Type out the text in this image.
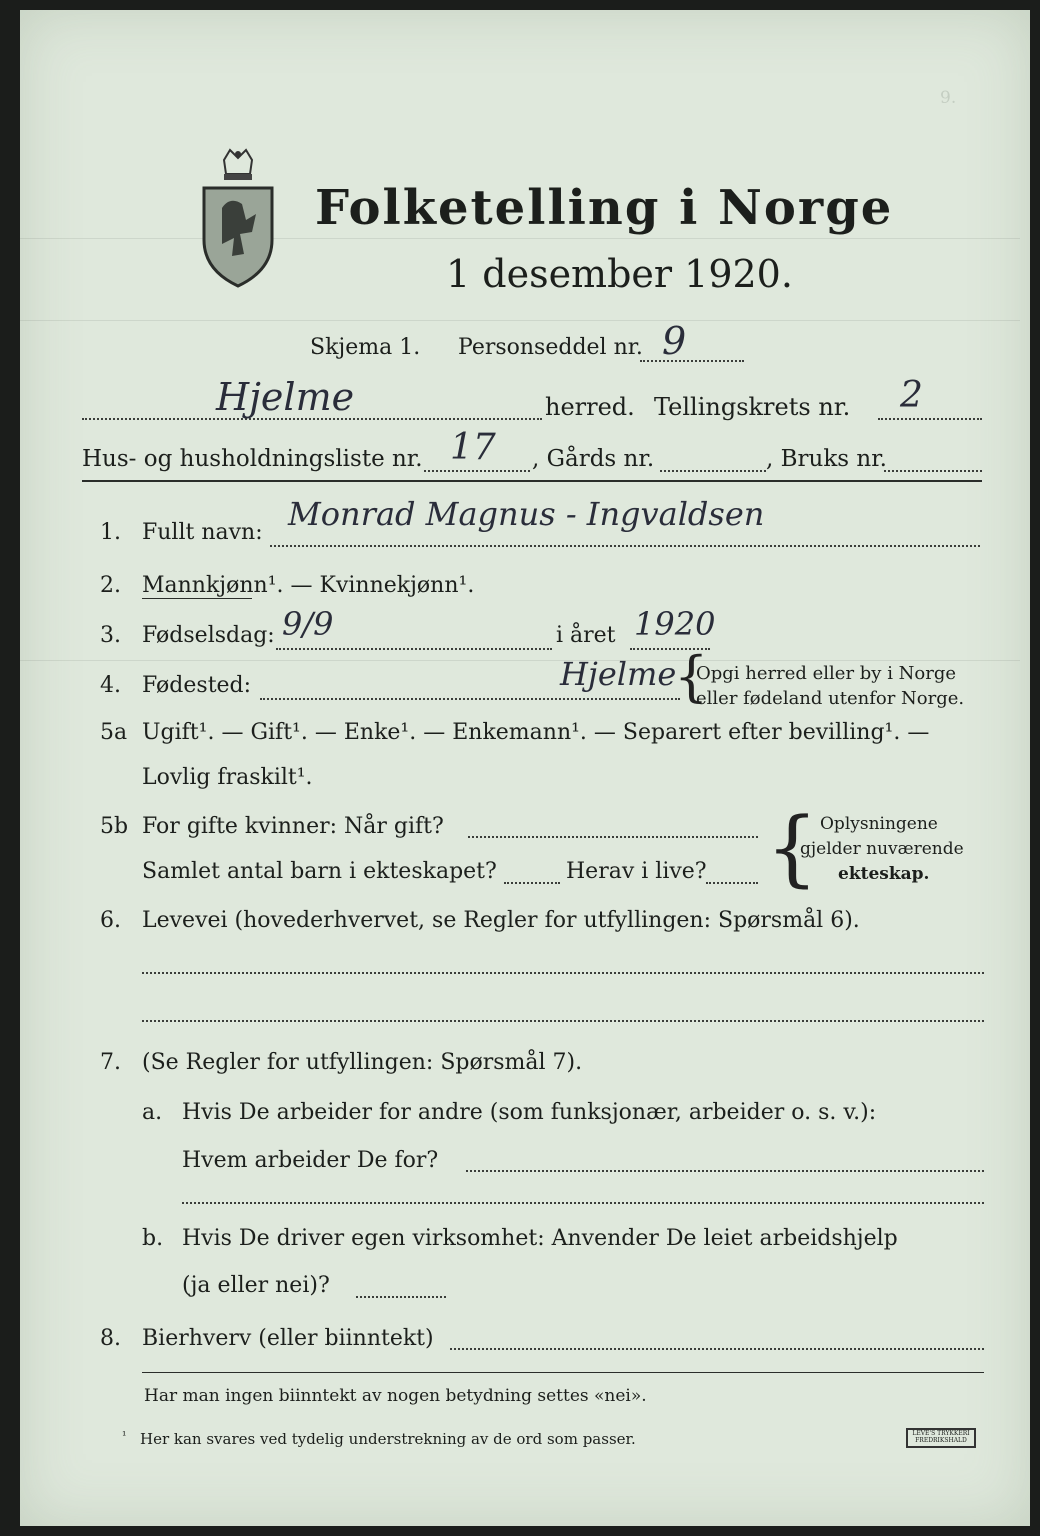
9.
Folketelling i Norge
1 desember 1920.
Skjema 1. Personseddel nr. 9
Hjelme	herred. Tellingskrets nr. 2
Hus- og husholdningsliste nr. 17 , Gårds nr.	, Bruks nr.
1. Fullt navn: Monrad Magnus - Ingvaldsen
2. Mannkjønn¹. — Kvinnekjønn¹.
3. Fødselsdag: 9/9	i året 1920
4. Fødested:	Hjelme
{
Opgi herred eller by i Norge
eller fødeland utenfor Norge.
5a Ugift¹. — Gift¹. — Enke¹. — Enkemann¹. — Separert efter bevilling¹. —
Lovlig fraskilt¹.
5b For gifte kvinner: Når gift?
Samlet antal barn i ekteskapet?	Herav i live? { Oplysningene
gjelder nuværende
ekteskap.
6. Levevei (hovederhvervet, se Regler for utfyllingen: Spørsmål 6).
7. (Se Regler for utfyllingen: Spørsmål 7).
a. Hvis De arbeider for andre (som funksjonær, arbeider o. s. v.):
Hvem arbeider De for?
b. Hvis De driver egen virksomhet: Anvender De leiet arbeidshjelp
(ja eller nei)?
8. Bierhverv (eller biinntekt)
Har man ingen biinntekt av nogen betydning settes «nei».
¹ Her kan svares ved tydelig understrekning av de ord som passer.	LEVE'S TRYKKERI FREDRIKSHALD
